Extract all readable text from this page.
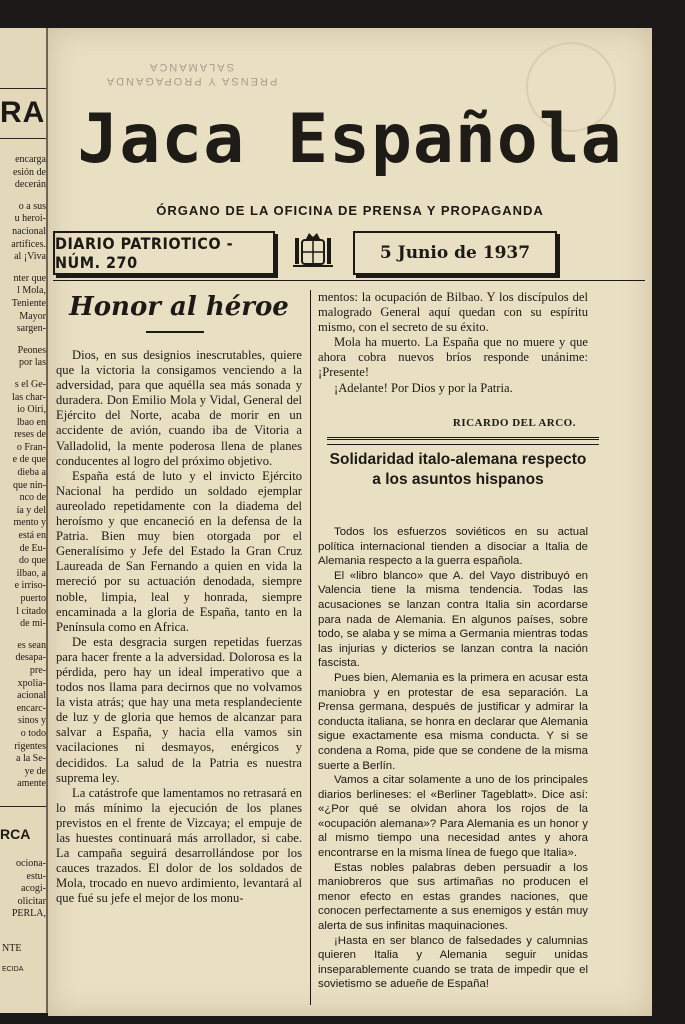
RA
encarga
esión de
decerán
o a sus
u heroi-
nacional
artífices.
al ¡Viva
nter que
l Mola,
Teniente
Mayor
sargen-
Peones
por las
s el Ge-
las char-
io Oiri,
lbao en
reses de
o Fran-
e de que
dieba a
que nin-
nco de
ía y del
mento y
está en
de Eu-
do que
ilbao, a
e irriso-
puerto
l citado
de mi-
es sean
desapa-
pre-
xpolia-
acional
encarc-
sinos y
o todo
rigentes
a la Se-
ye de
amente
RCA
ociona-
estu-
acogi-
olicitar
PERLA,
NTE
ECIDA
PRENSA Y PROPAGANDA
SALAMANCA
Jaca Española
ÓRGANO DE LA OFICINA DE PRENSA Y PROPAGANDA
DIARIO PATRIOTICO - NÚM. 270	5 Junio de 1937
Honor al héroe

Dios, en sus designios inescrutables, quiere que la victoria la consigamos venciendo a la adversidad, para que aquélla sea más sonada y duradera. Don Emilio Mola y Vidal, General del Ejército del Norte, acaba de morir en un accidente de avión, cuando iba de Vitoria a Valladolid, la mente poderosa llena de planes conducentes al logro del próximo objetivo.

España está de luto y el invicto Ejército Nacional ha perdido un soldado ejemplar aureolado repetidamente con la diadema del heroísmo y que encaneció en la defensa de la Patria. Bien muy bien otorgada por el Generalísimo y Jefe del Estado la Gran Cruz Laureada de San Fernando a quien en vida la mereció por su actuación denodada, siempre noble, limpia, leal y honrada, siempre encaminada a la gloria de España, tanto en la Península como en Africa.

De esta desgracia surgen repetidas fuerzas para hacer frente a la adversidad. Dolorosa es la pérdida, pero hay un ideal imperativo que a todos nos llama para decirnos que no volvamos la vista atrás; que hay una meta resplandeciente de luz y de gloria que hemos de alcanzar para salvar a España, y hacia ella vamos sin vacilaciones ni desmayos, enérgicos y decididos. La salud de la Patria es nuestra suprema ley.

La catástrofe que lamentamos no retrasará en lo más mínimo la ejecución de los planes previstos en el frente de Vizcaya; el empuje de las huestes continuará más arrollador, si cabe. La campaña seguirá desarrollándose por los cauces trazados. El dolor de los soldados de Mola, trocado en nuevo ardimiento, levantará al que fué su jefe el mejor de los monu-

mentos: la ocupación de Bilbao. Y los discípulos del malogrado General aquí quedan con su espíritu mismo, con el secreto de su éxito.

Mola ha muerto. La España que no muere y que ahora cobra nuevos bríos responde unánime: ¡Presente!

¡Adelante! Por Dios y por la Patria.

RICARDO DEL ARCO.
Solidaridad italo-alemana respecto
a los asuntos hispanos

Todos los esfuerzos soviéticos en su actual política internacional tienden a disociar a Italia de Alemania respecto a la guerra española.

El «libro blanco» que A. del Vayo distribuyó en Valencia tiene la misma tendencia. Todas las acusaciones se lanzan contra Italia sin acordarse para nada de Alemania. En algunos países, sobre todo, se alaba y se mima a Germania mientras todas las injurias y dicterios se lanzan contra la nación fascista.

Pues bien, Alemania es la primera en acusar esta maniobra y en protestar de esa separación. La Prensa germana, después de justificar y admirar la conducta italiana, se honra en declarar que Alemania sigue exactamente esa misma conducta. Y si se condena a Roma, pide que se condene de la misma suerte a Berlín.

Vamos a citar solamente a uno de los principales diarios berlineses: el «Berliner Tageblatt». Dice así: «¿Por qué se olvidan ahora los rojos de la «ocupación alemana»? Para Alemania es un honor y al mismo tiempo una necesidad antes y ahora encontrarse en la misma línea de fuego que Italia».

Estas nobles palabras deben persuadir a los maniobreros que sus artimañas no producen el menor efecto en estas grandes naciones, que conocen perfectamente a sus enemigos y están muy alerta de sus infinitas maquinaciones.

¡Hasta en ser blanco de falsedades y calumnias quieren Italia y Alemania seguir unidas inseparablemente cuando se trata de impedir que el sovietismo se adueñe de España!
